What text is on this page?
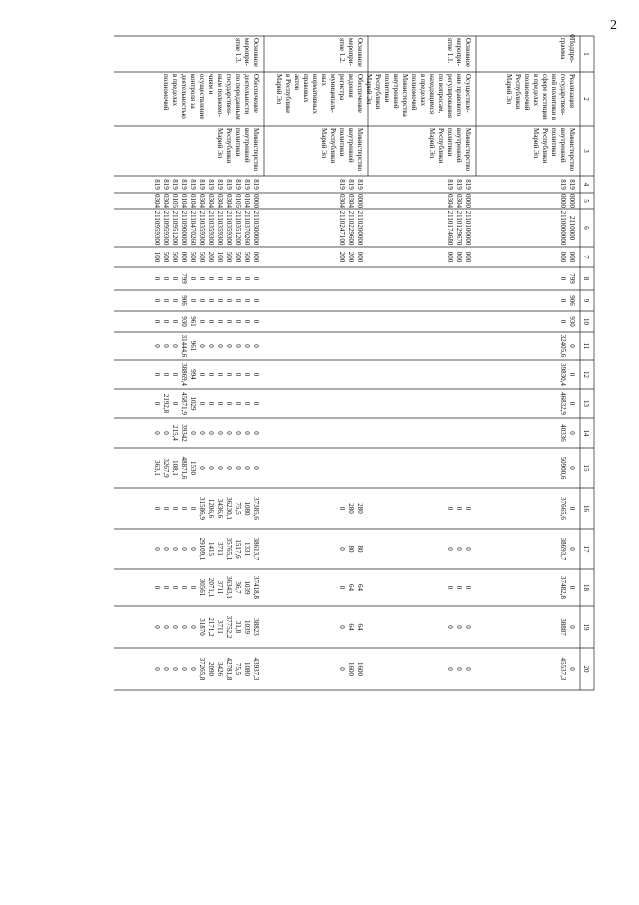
2
1
2
3
4
5
6
7
8
9
10
11
12
13
14
15
16
17
18
19
20
Подпро-
грамма
Реализация
государствен-
ной политики в
сфере юстиции
в пределах
полномочий
Республики
Марий Эл
Министерство
внутренней
политики
Республики
Марий Эл
819
0000
2110000
000
799
906
930
0
0
0
0
0
0
0
0
0
0
0
819
0000
2110000000
000
0
0
0
32405,6
39830,4
46832,9
40336
50900,6
37665,6
38693,7
37482,8
38887
45537,3
Основное
меропри-
ятие 1.1.
Осуществле-
ние правового
регулирования
по вопросам,
находящимся
в пределах
полномочий
Министерства
внутренней
политики
Республики
Марий Эл
Министерство
внутренней
политики
Республики
Марий Эл
819
0000
2110100000
000
0
0
0
0
0
819
0304
2110129670
000
0
0
0
0
0
819
0304
2110174680
000
0
0
0
0
0
Основное
меропри-
ятие 1.2.
Обеспечение
ведения
регистра
муниципаль-
ных
нормативных
правовых
актов
в Республике
Марий Эл
Министерство
внутренней
политики
Республики
Марий Эл
819
0000
2110200000
000
280
80
64
64
1600
819
0304
2110229600
200
280
80
64
64
1600
819
0304
2110247100
200
0
0
0
0
0
Основное
меропри-
ятие 1.3.
Обеспечение
деятельности
по переданным
государствен-
ным полномо-
чиям и
осуществление
контроля за
деятельностью
в пределах
полномочий
Министерство
внутренней
политики
Республики
Марий Эл
819
0000
2110300000
000
0
0
0
0
0
0
0
0
37385,6
38613,7
37418,8
38823
43937,3
819
0104
2110370260
500
0
0
0
0
0
0
0
0
1080
1331
1039
1039
1080
819
0105
2110351200
500
0
0
0
0
0
0
0
0
75,5
1517,6
36,7
31,8
75,5
819
0304
2110359300
500
0
0
0
0
0
0
0
0
36230,1
35765,1
36343,1
37752,2
42781,8
819
0304
2110359300
100
0
0
0
0
0
0
0
0
3436,6
3711
3711
3711
3426
819
0304
2110359300
200
0
0
0
0
0
0
0
0
1206,6
1415
2071,1
2171,2
2090
819
0304
2110359300
500
0
0
0
0
0
0
0
0
31586,9
29109,1
30561
31870
37265,8
819
0104
2110470260
500
0
0
961
961
994
1029
0
1530
0
0
0
0
0
819
0104
2110900000
000
799
906
930
31444,6
38869,4
45871,9
39342
48871,6
0
0
0
0
0
819
0105
2110951200
500
0
0
0
0
0
0
215,4
108,1
0
0
0
0
0
819
0304
2110959300
500
0
0
0
0
0
2192,8
0
3267,9
0
0
0
0
0
819
0304
2110959300
100
0
0
0
0
0
0
0
363,1
0
0
0
0
0
